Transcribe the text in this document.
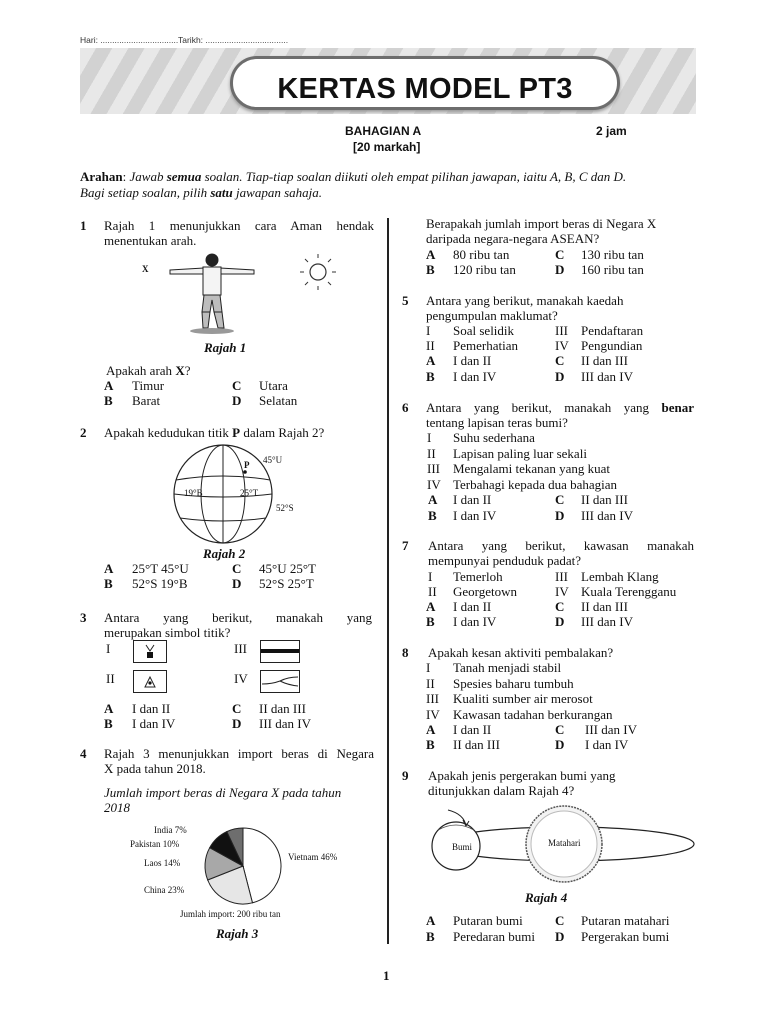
Hari: ................................. Tarikh: ...................................
KERTAS MODEL PT3
BAHAGIAN A	2 jam
[20 markah]
Arahan: Jawab semua soalan. Tiap-tiap soalan diikuti oleh empat pilihan jawapan, iaitu A, B, C dan D.
Bagi setiap soalan, pilih satu jawapan sahaja.
1 Rajah 1 menunjukkan cara Aman hendak
menentukan arah.
X
Rajah 1
Apakah arah X?
A Timur
B Barat
C Utara
D Selatan
2 Apakah kedudukan titik P dalam Rajah 2?
P 45°U
19°B	25°T
52°S
Rajah 2
A 25°T 45°U
B 52°S 19°B
C 45°U 25°T
D 52°S 25°T
3 Antara yang berikut, manakah yang
merupakan simbol titik?
I
II
III
IV
A I dan II
B I dan IV
C II dan III
D III dan IV
4 Rajah 3 menunjukkan import beras di Negara
X pada tahun 2018.
Jumlah import beras di Negara X pada tahun
2018
Vietnam 46%
China 23%
Laos 14%
Pakistan 10%
India 7%
Jumlah import: 200 ribu tan
Rajah 3
Berapakah jumlah import beras di Negara X
daripada negara-negara ASEAN?
A 80 ribu tan
B 120 ribu tan
C 130 ribu tan
D 160 ribu tan
5 Antara yang berikut, manakah kaedah
pengumpulan maklumat?
I Soal selidik
II Pemerhatian
III Pendaftaran
IV Pengundian
A I dan II
B I dan IV
C II dan III
D III dan IV
6 Antara yang berikut, manakah yang benar
tentang lapisan teras bumi?
I Suhu sederhana
II Lapisan paling luar sekali
III Mengalami tekanan yang kuat
IV Terbahagi kepada dua bahagian
A I dan II
B I dan IV
C II dan III
D III dan IV
7 Antara yang berikut, kawasan manakah
mempunyai penduduk padat?
I Temerloh
II Georgetown
III Lembah Klang
IV Kuala Terengganu
A I dan II
B I dan IV
C II dan III
D III dan IV
8 Apakah kesan aktiviti pembalakan?
I Tanah menjadi stabil
II Spesies baharu tumbuh
III Kualiti sumber air merosot
IV Kawasan tadahan berkurangan
A I dan II
B II dan III
C III dan IV
D I dan IV
9 Apakah jenis pergerakan bumi yang
ditunjukkan dalam Rajah 4?
Bumi	Matahari
Rajah 4
A Putaran bumi
B Peredaran bumi
C Putaran matahari
D Pergerakan bumi
1
